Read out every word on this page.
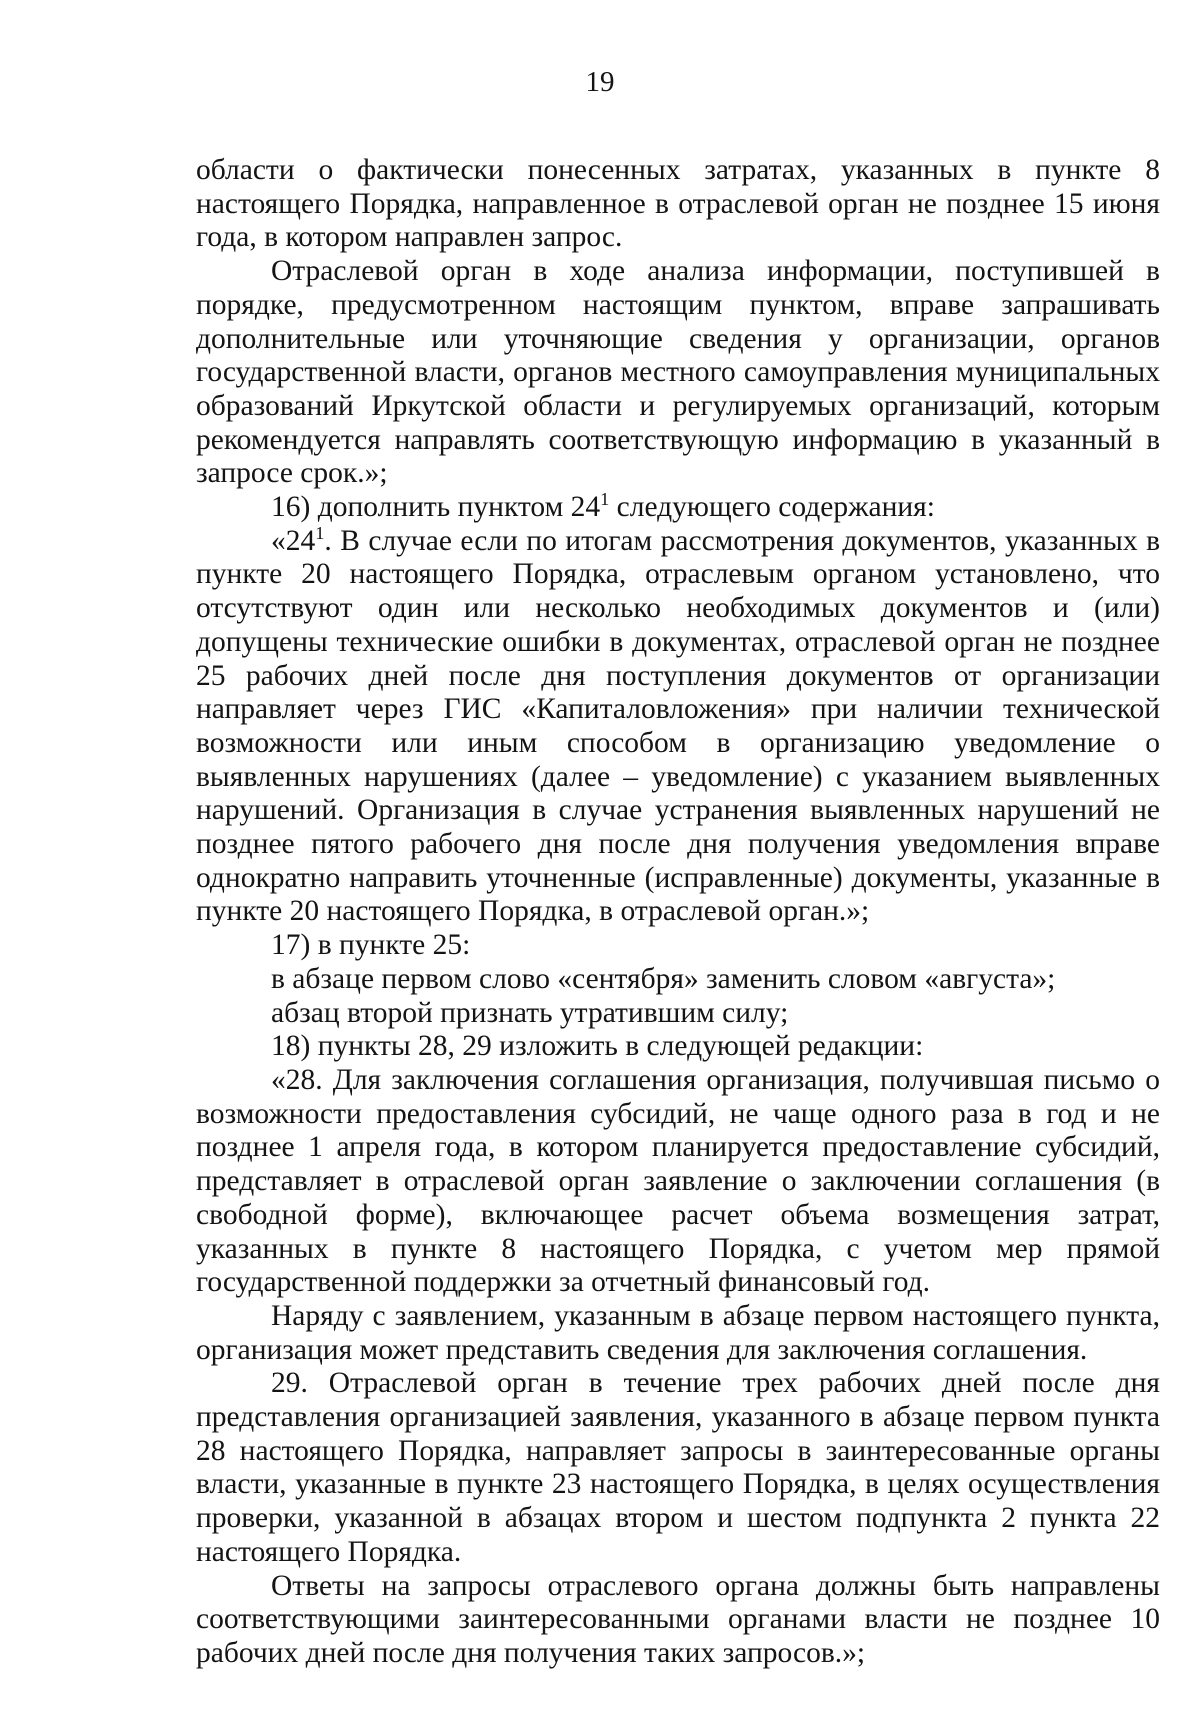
19

области о фактически понесенных затратах, указанных в пункте 8 настоящего Порядка, направленное в отраслевой орган не позднее 15 июня года, в котором направлен запрос.

Отраслевой орган в ходе анализа информации, поступившей в порядке, предусмотренном настоящим пунктом, вправе запрашивать дополнительные или уточняющие сведения у организации, органов государственной власти, органов местного самоуправления муниципальных образований Иркутской области и регулируемых организаций, которым рекомендуется направлять соответствующую информацию в указанный в запросе срок.»;

16) дополнить пунктом $24^1$ следующего содержания:

«$24^1$. В случае если по итогам рассмотрения документов, указанных в пункте 20 настоящего Порядка, отраслевым органом установлено, что отсутствуют один или несколько необходимых документов и (или) допущены технические ошибки в документах, отраслевой орган не позднее 25 рабочих дней после дня поступления документов от организации направляет через ГИС «Капиталовложения» при наличии технической возможности или иным способом в организацию уведомление о выявленных нарушениях (далее – уведомление) с указанием выявленных нарушений. Организация в случае устранения выявленных нарушений не позднее пятого рабочего дня после дня получения уведомления вправе однократно направить уточненные (исправленные) документы, указанные в пункте 20 настоящего Порядка, в отраслевой орган.»;

17) в пункте 25:

в абзаце первом слово «сентября» заменить словом «августа»;

абзац второй признать утратившим силу;

18) пункты 28, 29 изложить в следующей редакции:

«28. Для заключения соглашения организация, получившая письмо о возможности предоставления субсидий, не чаще одного раза в год и не позднее 1 апреля года, в котором планируется предоставление субсидий, представляет в отраслевой орган заявление о заключении соглашения (в свободной форме), включающее расчет объема возмещения затрат, указанных в пункте 8 настоящего Порядка, с учетом мер прямой государственной поддержки за отчетный финансовый год.

Наряду с заявлением, указанным в абзаце первом настоящего пункта, организация может представить сведения для заключения соглашения.

29. Отраслевой орган в течение трех рабочих дней после дня представления организацией заявления, указанного в абзаце первом пункта 28 настоящего Порядка, направляет запросы в заинтересованные органы власти, указанные в пункте 23 настоящего Порядка, в целях осуществления проверки, указанной в абзацах втором и шестом подпункта 2 пункта 22 настоящего Порядка.

Ответы на запросы отраслевого органа должны быть направлены соответствующими заинтересованными органами власти не позднее 10 рабочих дней после дня получения таких запросов.»;
